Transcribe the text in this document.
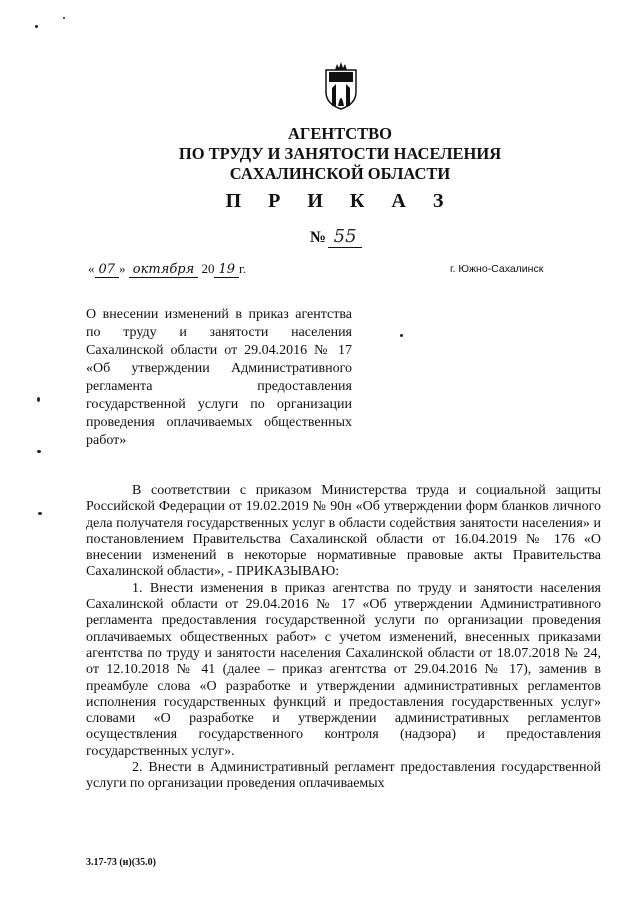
АГЕНТСТВО
ПО ТРУДУ И ЗАНЯТОСТИ НАСЕЛЕНИЯ
САХАЛИНСКОЙ ОБЛАСТИ
П Р И К А З
№ 55
« 07 » октября 20 19 г.	г. Южно-Сахалинск
О внесении изменений в приказ агентства по труду и занятости населения Сахалинской области от 29.04.2016 № 17 «Об утверждении Административного регламента предоставления государственной услуги по организации проведения оплачиваемых общественных работ»

В соответствии с приказом Министерства труда и социальной защиты Российской Федерации от 19.02.2019 № 90н «Об утверждении форм бланков личного дела получателя государственных услуг в области содействия занятости населения» и постановлением Правительства Сахалинской области от 16.04.2019 № 176 «О внесении изменений в некоторые нормативные правовые акты Правительства Сахалинской области», - ПРИКАЗЫВАЮ:

1. Внести изменения в приказ агентства по труду и занятости населения Сахалинской области от 29.04.2016 № 17 «Об утверждении Административного регламента предоставления государственной услуги по организации проведения оплачиваемых общественных работ» с учетом изменений, внесенных приказами агентства по труду и занятости населения Сахалинской области от 18.07.2018 № 24, от 12.10.2018 № 41 (далее – приказ агентства от 29.04.2016 № 17), заменив в преамбуле слова «О разработке и утверждении административных регламентов исполнения государственных функций и предоставления государственных услуг» словами «О разработке и утверждении административных регламентов осуществления государственного контроля (надзора) и предоставления государственных услуг».

2. Внести в Административный регламент предоставления государственной услуги по организации проведения оплачиваемых

3.17-73 (н)(35.0)
